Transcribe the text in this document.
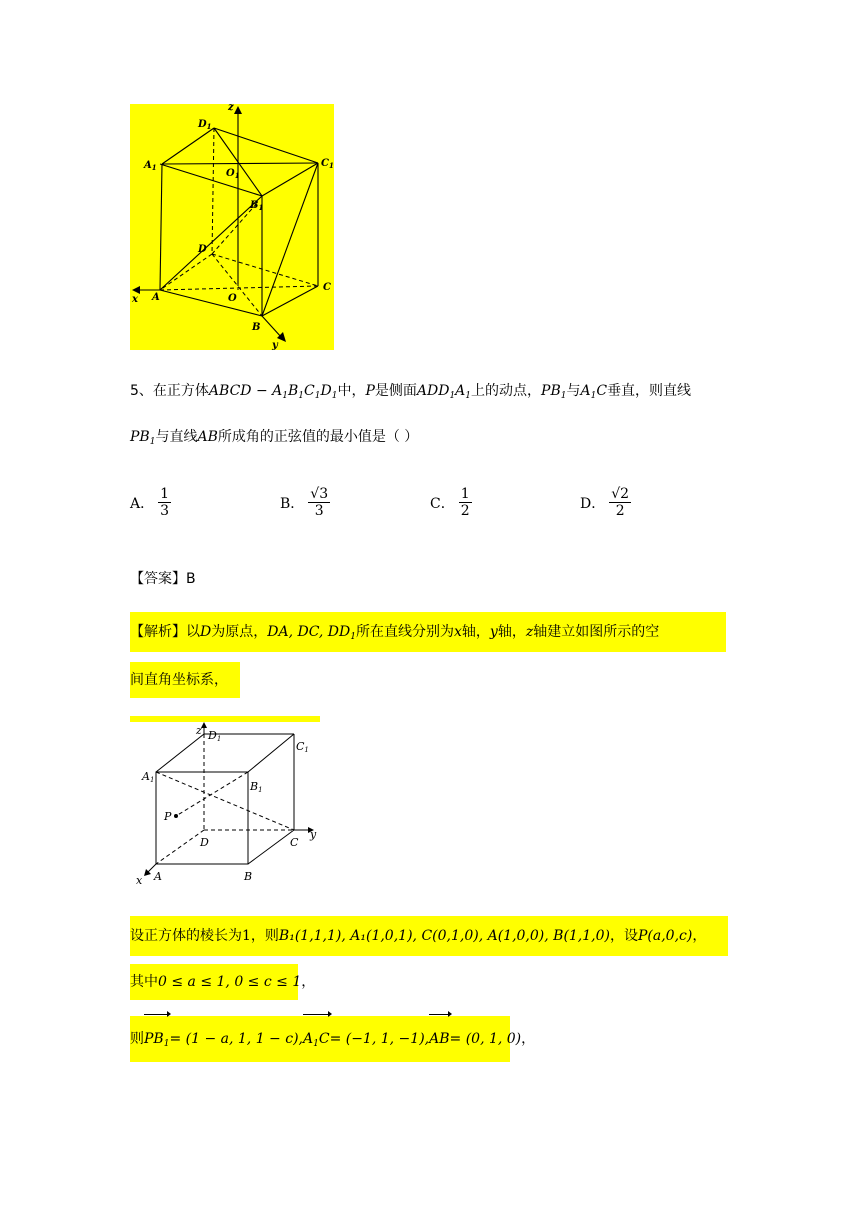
$D_1$
$A_1$	$C_1$
$O_1$
$B_1$
D
A	O
C
B
x
y
z
5、在正方体ABCD − $A_1B_1C_1D_1$中，P是侧面$ADD_1A_1$上的动点，$PB_1$与$A_1C$垂直，则直线
$PB_1$与直线AB所成角的正弦值的最小值是（ ）
A． $\frac{1}{3}$	B． $\frac{√3}{3}$	C． $\frac{1}{2}$	D． $\frac{√2}{2}$
【答案】B
【解析】以D为原点，DA, DC, $DD_1$所在直线分别为x轴，y轴，z轴建立如图所示的空
间直角坐标系，
z D1
C1
A1	B1
P
D	C
y
x A	B
设正方体的棱长为1，则B₁(1,1,1), A₁(1,0,1), C(0,1,0), A(1,0,0), B(1,1,0)，设P(a,0,c)，
其中0 ≤ a ≤ 1, 0 ≤ c ≤ 1，
则$PB_1= (1 - a$, 1, $1 - c),A_1C= (-1$, 1, −1),AB= (0, 1, 0)，
